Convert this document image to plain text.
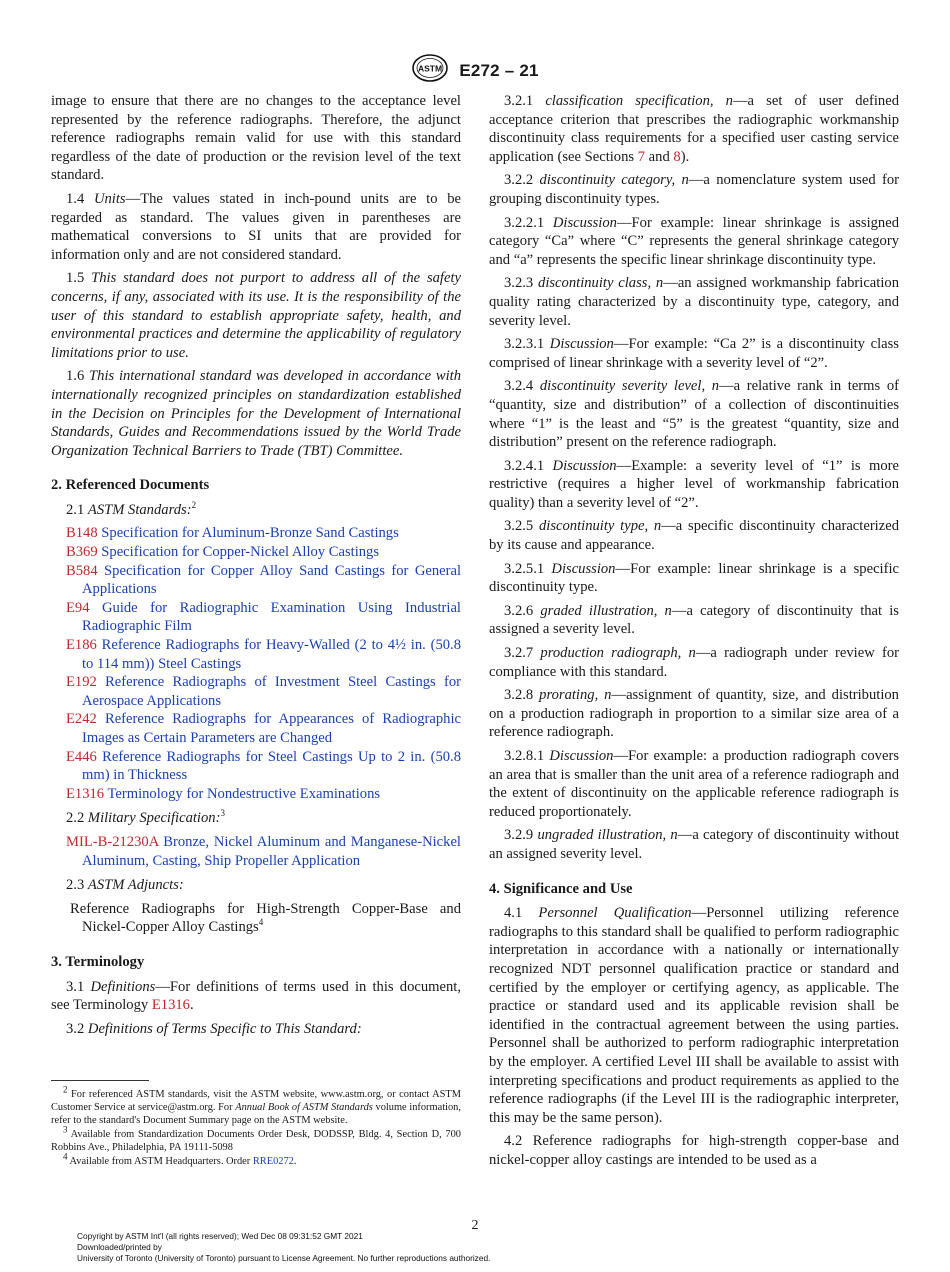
ASTM E272 – 21

image to ensure that there are no changes to the acceptance level represented by the reference radiographs. Therefore, the adjunct reference radiographs remain valid for use with this standard regardless of the date of production or the revision level of the text standard.

1.4 Units—The values stated in inch-pound units are to be regarded as standard. The values given in parentheses are mathematical conversions to SI units that are provided for information only and are not considered standard.

1.5 This standard does not purport to address all of the safety concerns, if any, associated with its use. It is the responsibility of the user of this standard to establish appropriate safety, health, and environmental practices and determine the applicability of regulatory limitations prior to use.

1.6 This international standard was developed in accordance with internationally recognized principles on standardization established in the Decision on Principles for the Development of International Standards, Guides and Recommendations issued by the World Trade Organization Technical Barriers to Trade (TBT) Committee.

2. Referenced Documents

2.1 ASTM Standards:$^2$

B148 Specification for Aluminum-Bronze Sand Castings

B369 Specification for Copper-Nickel Alloy Castings

B584 Specification for Copper Alloy Sand Castings for General Applications

E94 Guide for Radiographic Examination Using Industrial Radiographic Film

E186 Reference Radiographs for Heavy-Walled (2 to 4½ in. (50.8 to 114 mm)) Steel Castings

E192 Reference Radiographs of Investment Steel Castings for Aerospace Applications

E242 Reference Radiographs for Appearances of Radiographic Images as Certain Parameters are Changed

E446 Reference Radiographs for Steel Castings Up to 2 in. (50.8 mm) in Thickness

E1316 Terminology for Nondestructive Examinations

2.2 Military Specification:$^3$

MIL-B-21230A Bronze, Nickel Aluminum and Manganese-Nickel Aluminum, Casting, Ship Propeller Application

2.3 ASTM Adjuncts:

Reference Radiographs for High-Strength Copper-Base and Nickel-Copper Alloy Castings$^4$

3. Terminology

3.1 Definitions—For definitions of terms used in this document, see Terminology E1316.

3.2 Definitions of Terms Specific to This Standard:

$^2$ For referenced ASTM standards, visit the ASTM website, www.astm.org, or contact ASTM Customer Service at service@astm.org. For Annual Book of ASTM Standards volume information, refer to the standard's Document Summary page on the ASTM website.

$^3$ Available from Standardization Documents Order Desk, DODSSP, Bldg. 4, Section D, 700 Robbins Ave., Philadelphia, PA 19111-5098

$^4$ Available from ASTM Headquarters. Order RRE0272.

3.2.1 classification specification, n—a set of user defined acceptance criterion that prescribes the radiographic workmanship discontinuity class requirements for a specified user casting service application (see Sections 7 and 8).

3.2.2 discontinuity category, n—a nomenclature system used for grouping discontinuity types.

3.2.2.1 Discussion—For example: linear shrinkage is assigned category “Ca” where “C” represents the general shrinkage category and “a” represents the specific linear shrinkage discontinuity type.

3.2.3 discontinuity class, n—an assigned workmanship fabrication quality rating characterized by a discontinuity type, category, and severity level.

3.2.3.1 Discussion—For example: “Ca 2” is a discontinuity class comprised of linear shrinkage with a severity level of “2”.

3.2.4 discontinuity severity level, n—a relative rank in terms of “quantity, size and distribution” of a collection of discontinuities where “1” is the least and “5” is the greatest “quantity, size and distribution” present on the reference radiograph.

3.2.4.1 Discussion—Example: a severity level of “1” is more restrictive (requires a higher level of workmanship fabrication quality) than a severity level of “2”.

3.2.5 discontinuity type, n—a specific discontinuity characterized by its cause and appearance.

3.2.5.1 Discussion—For example: linear shrinkage is a specific discontinuity type.

3.2.6 graded illustration, n—a category of discontinuity that is assigned a severity level.

3.2.7 production radiograph, n—a radiograph under review for compliance with this standard.

3.2.8 prorating, n—assignment of quantity, size, and distribution on a production radiograph in proportion to a similar size area of a reference radiograph.

3.2.8.1 Discussion—For example: a production radiograph covers an area that is smaller than the unit area of a reference radiograph and the extent of discontinuity on the applicable reference radiograph is reduced proportionately.

3.2.9 ungraded illustration, n—a category of discontinuity without an assigned severity level.

4. Significance and Use

4.1 Personnel Qualification—Personnel utilizing reference radiographs to this standard shall be qualified to perform radiographic interpretation in accordance with a nationally or internationally recognized NDT personnel qualification practice or standard and certified by the employer or certifying agency, as applicable. The practice or standard used and its applicable revision shall be identified in the contractual agreement between the using parties. Personnel shall be authorized to perform radiographic interpretation by the employer. A certified Level III shall be available to assist with interpreting specifications and product requirements as applied to the reference radiographs (if the Level III is the radiographic interpreter, this may be the same person).

4.2 Reference radiographs for high-strength copper-base and nickel-copper alloy castings are intended to be used as a

2
Copyright by ASTM Int'l (all rights reserved); Wed Dec 08 09:31:52 GMT 2021
Downloaded/printed by
University of Toronto (University of Toronto) pursuant to License Agreement. No further reproductions authorized.
